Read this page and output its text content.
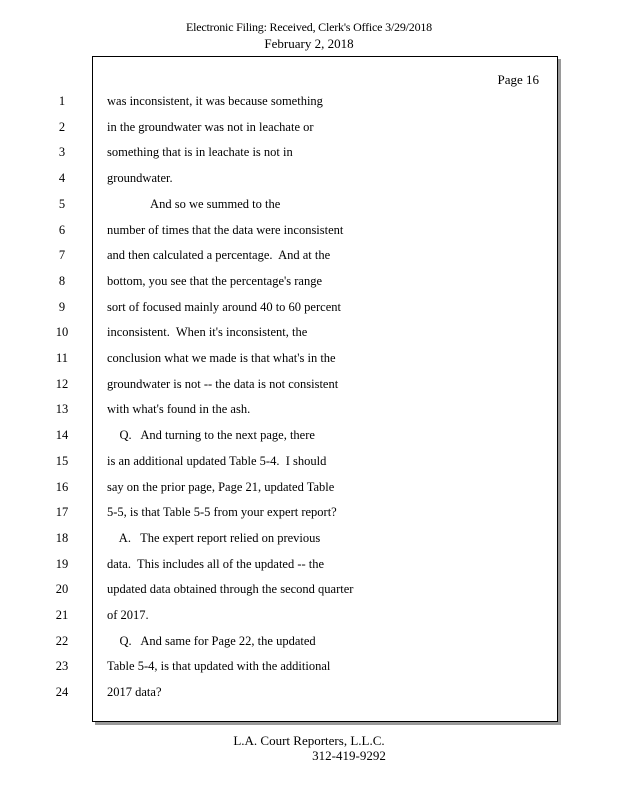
Electronic Filing: Received, Clerk's Office 3/29/2018
February 2, 2018
1
2
3
4
5
6
7
8
9
10
11
12
13
14
15
16
17
18
19
20
21
22
23
24
Page 16
was inconsistent, it was because something
in the groundwater was not in leachate or
something that is in leachate is not in
groundwater.
And so we summed to the
number of times that the data were inconsistent
and then calculated a percentage.  And at the
bottom, you see that the percentage's range
sort of focused mainly around 40 to 60 percent
inconsistent.  When it's inconsistent, the
conclusion what we made is that what's in the
groundwater is not -- the data is not consistent
with what's found in the ash.
Q.   And turning to the next page, there
is an additional updated Table 5-4.  I should
say on the prior page, Page 21, updated Table
5-5, is that Table 5-5 from your expert report?
A.   The expert report relied on previous
data.  This includes all of the updated -- the
updated data obtained through the second quarter
of 2017.
Q.   And same for Page 22, the updated
Table 5-4, is that updated with the additional
2017 data?
L.A. Court Reporters, L.L.C.
312-419-9292
